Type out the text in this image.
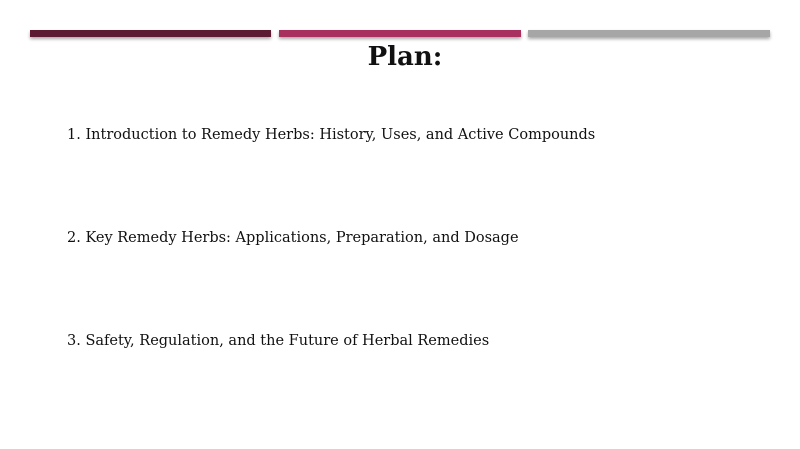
Plan:
1. Introduction to Remedy Herbs: History, Uses, and Active Compounds
2. Key Remedy Herbs: Applications, Preparation, and Dosage
3. Safety, Regulation, and the Future of Herbal Remedies
